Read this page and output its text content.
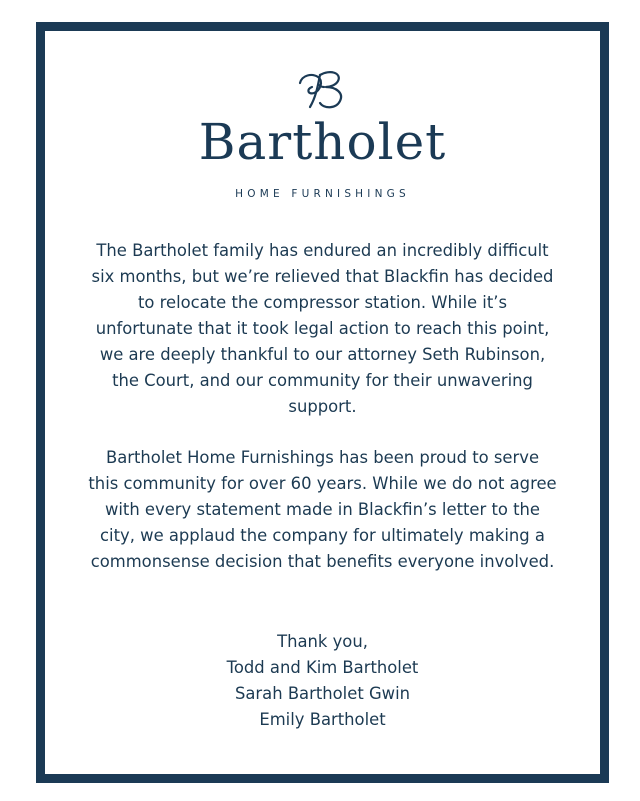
Bartholet
HOME FURNISHINGS
The Bartholet family has endured an incredibly difficult
six months, but we’re relieved that Blackfin has decided
to relocate the compressor station. While it’s
unfortunate that it took legal action to reach this point,
we are deeply thankful to our attorney Seth Rubinson,
the Court, and our community for their unwavering
support.
Bartholet Home Furnishings has been proud to serve
this community for over 60 years. While we do not agree
with every statement made in Blackfin’s letter to the
city, we applaud the company for ultimately making a
commonsense decision that benefits everyone involved.
Thank you,
Todd and Kim Bartholet
Sarah Bartholet Gwin
Emily Bartholet
